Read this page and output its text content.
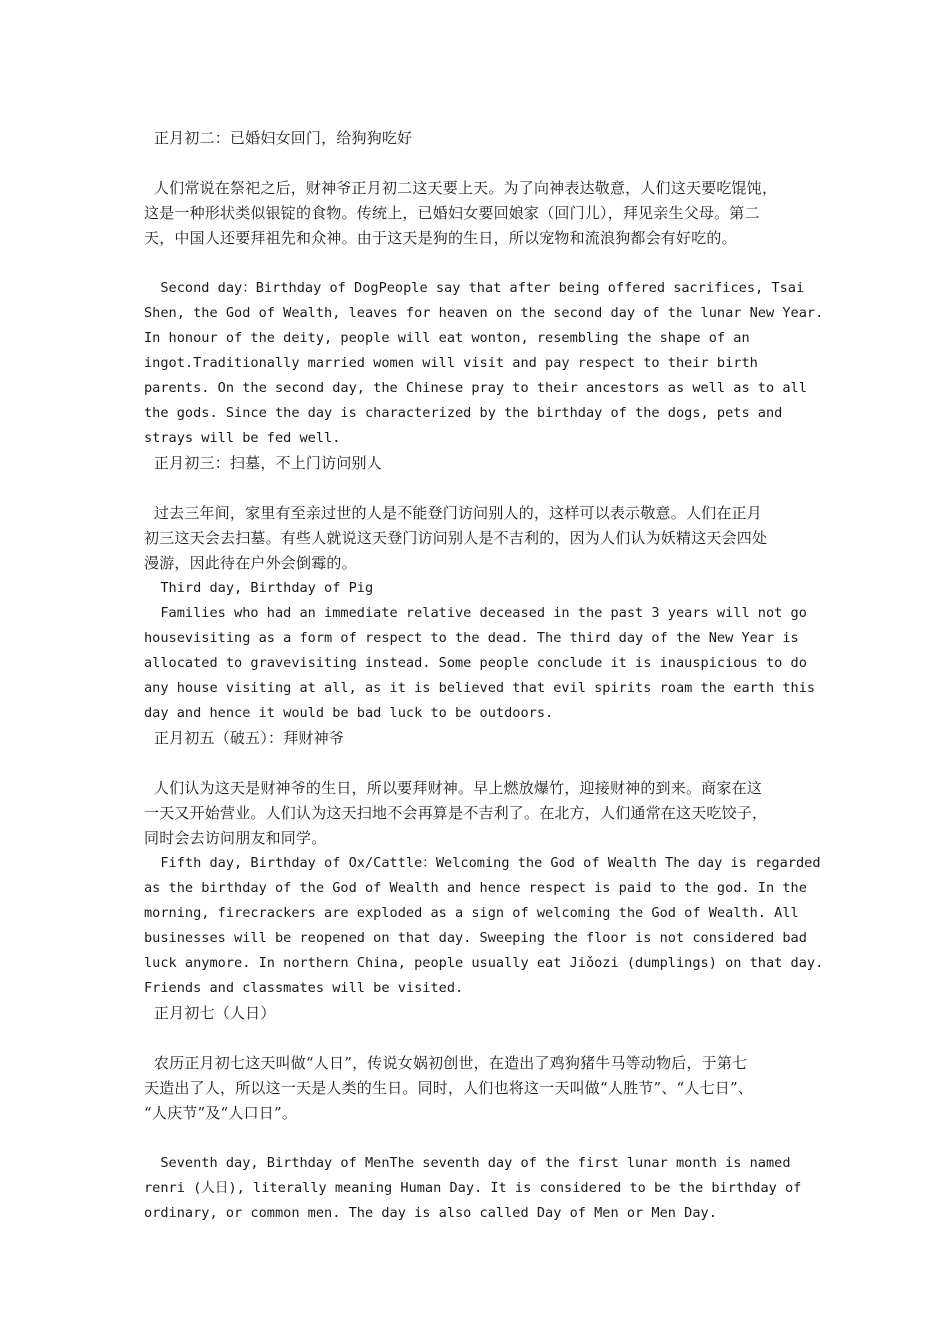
正月初二：已婚妇女回门，给狗狗吃好
人们常说在祭祀之后，财神爷正月初二这天要上天。为了向神表达敬意，人们这天要吃馄饨，
这是一种形状类似银锭的食物。传统上，已婚妇女要回娘家（回门儿），拜见亲生父母。第二
天，中国人还要拜祖先和众神。由于这天是狗的生日，所以宠物和流浪狗都会有好吃的。
Second day：Birthday of DogPeople say that after being offered sacrifices, Tsai
Shen, the God of Wealth, leaves for heaven on the second day of the lunar New Year.
In honour of the deity, people will eat wonton, resembling the shape of an
ingot.Traditionally married women will visit and pay respect to their birth
parents. On the second day, the Chinese pray to their ancestors as well as to all
the gods. Since the day is characterized by the birthday of the dogs, pets and
strays will be fed well.
正月初三：扫墓，不上门访问别人
过去三年间，家里有至亲过世的人是不能登门访问别人的，这样可以表示敬意。人们在正月
初三这天会去扫墓。有些人就说这天登门访问别人是不吉利的，因为人们认为妖精这天会四处
漫游，因此待在户外会倒霉的。
Third day, Birthday of Pig
Families who had an immediate relative deceased in the past 3 years will not go
housevisiting as a form of respect to the dead. The third day of the New Year is
allocated to gravevisiting instead. Some people conclude it is inauspicious to do
any house visiting at all, as it is believed that evil spirits roam the earth this
day and hence it would be bad luck to be outdoors.
正月初五（破五）：拜财神爷
人们认为这天是财神爷的生日，所以要拜财神。早上燃放爆竹，迎接财神的到来。商家在这
一天又开始营业。人们认为这天扫地不会再算是不吉利了。在北方，人们通常在这天吃饺子，
同时会去访问朋友和同学。
Fifth day, Birthday of Ox/Cattle：Welcoming the God of Wealth The day is regarded
as the birthday of the God of Wealth and hence respect is paid to the god. In the
morning, firecrackers are exploded as a sign of welcoming the God of Wealth. All
businesses will be reopened on that day. Sweeping the floor is not considered bad
luck anymore. In northern China, people usually eat Jiǒozi (dumplings) on that day.
Friends and classmates will be visited.
正月初七（人日）
农历正月初七这天叫做“人日”，传说女娲初创世，在造出了鸡狗猪牛马等动物后，于第七
天造出了人，所以这一天是人类的生日。同时，人们也将这一天叫做“人胜节”、“人七日”、
“人庆节”及“人口日”。
Seventh day, Birthday of MenThe seventh day of the first lunar month is named
renri (人日), literally meaning Human Day. It is considered to be the birthday of
ordinary, or common men. The day is also called Day of Men or Men Day.
